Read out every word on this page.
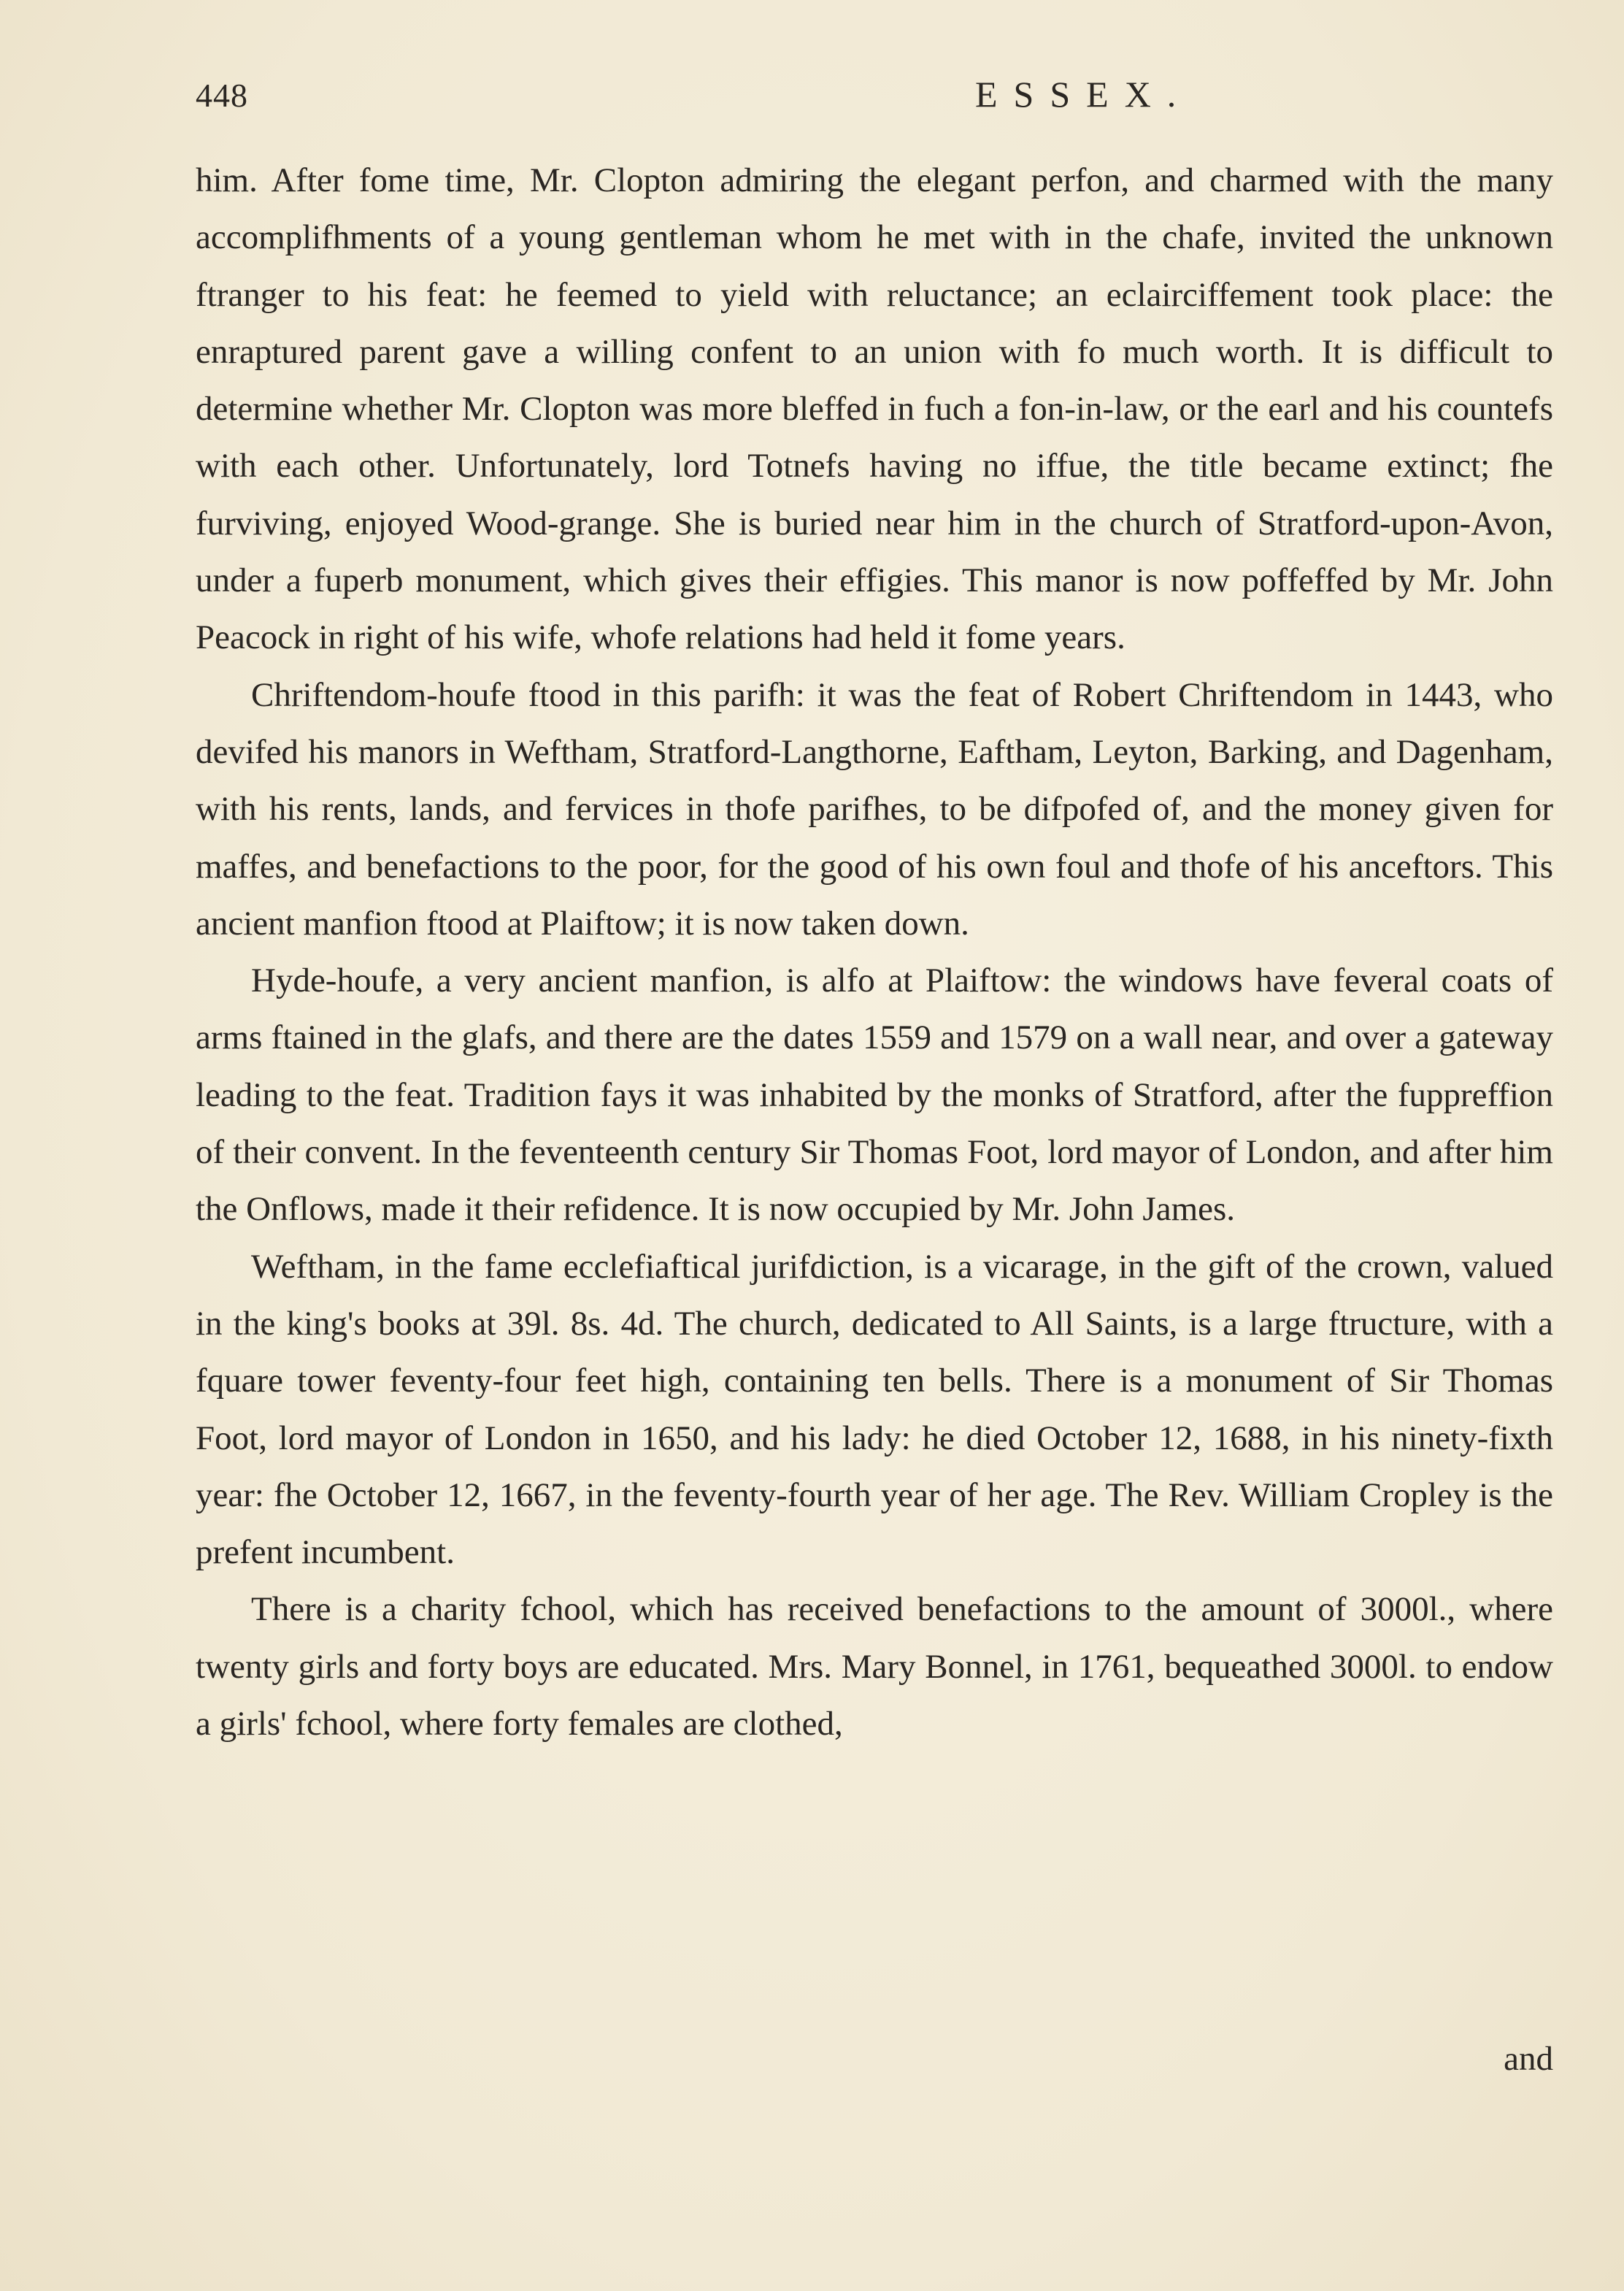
448	ESSEX.

him. After fome time, Mr. Clopton admiring the elegant perfon, and charmed with the many accomplifhments of a young gentleman whom he met with in the chafe, invited the unknown ftranger to his feat: he feemed to yield with reluctance; an eclairciffement took place: the enraptured parent gave a willing confent to an union with fo much worth. It is difficult to determine whether Mr. Clopton was more bleffed in fuch a fon-in-law, or the earl and his countefs with each other. Unfortunately, lord Totnefs having no iffue, the title became extinct; fhe furviving, enjoyed Wood-grange. She is buried near him in the church of Stratford-upon-Avon, under a fuperb monument, which gives their effigies. This manor is now poffeffed by Mr. John Peacock in right of his wife, whofe relations had held it fome years.

Chriftendom-houfe ftood in this parifh: it was the feat of Robert Chriftendom in 1443, who devifed his manors in Weftham, Stratford-Langthorne, Eaftham, Leyton, Barking, and Dagenham, with his rents, lands, and fervices in thofe parifhes, to be difpofed of, and the money given for maffes, and benefactions to the poor, for the good of his own foul and thofe of his anceftors. This ancient manfion ftood at Plaiftow; it is now taken down.

Hyde-houfe, a very ancient manfion, is alfo at Plaiftow: the windows have feveral coats of arms ftained in the glafs, and there are the dates 1559 and 1579 on a wall near, and over a gateway leading to the feat. Tradition fays it was inhabited by the monks of Stratford, after the fuppreffion of their convent. In the feventeenth century Sir Thomas Foot, lord mayor of London, and after him the Onflows, made it their refidence. It is now occupied by Mr. John James.

Weftham, in the fame ecclefiaftical jurifdiction, is a vicarage, in the gift of the crown, valued in the king's books at 39l. 8s. 4d. The church, dedicated to All Saints, is a large ftructure, with a fquare tower feventy-four feet high, containing ten bells. There is a monument of Sir Thomas Foot, lord mayor of London in 1650, and his lady: he died October 12, 1688, in his ninety-fixth year: fhe October 12, 1667, in the feventy-fourth year of her age. The Rev. William Cropley is the prefent incumbent.

There is a charity fchool, which has received benefactions to the amount of 3000l., where twenty girls and forty boys are educated. Mrs. Mary Bonnel, in 1761, bequeathed 3000l. to endow a girls' fchool, where forty females are clothed,

and
